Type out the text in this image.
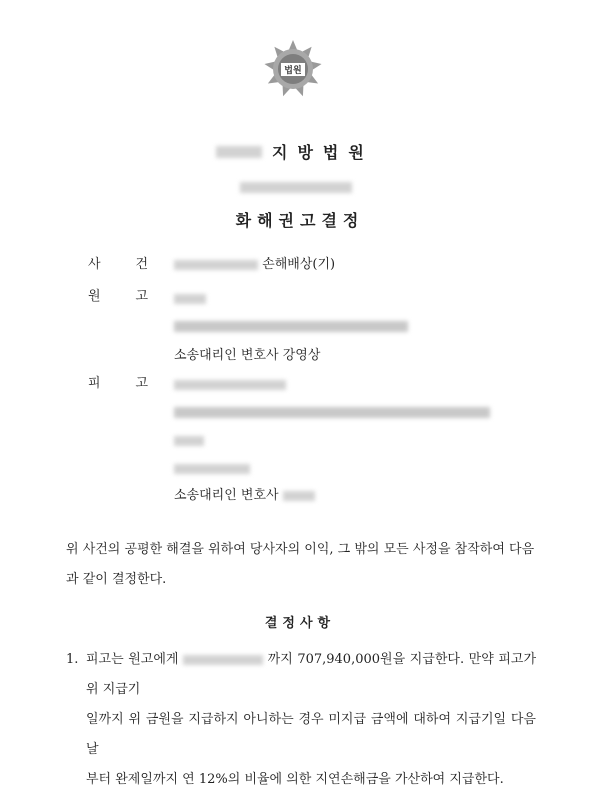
법원
지방법원
화해권고결정
사	건	손해배상(기)
원	고
소송대리인 변호사 강영상
피	고
소송대리인 변호사
위 사건의 공평한 해결을 위하여 당사자의 이익, 그 밖의 모든 사정을 참작하여 다음
과 같이 결정한다.
결정사항
1. 피고는 원고에게	까지 707,940,000원을 지급한다. 만약 피고가 위 지급기
일까지 위 금원을 지급하지 아니하는 경우 미지급 금액에 대하여 지급기일 다음날
부터 완제일까지 연 12%의 비율에 의한 지연손해금을 가산하여 지급한다.
